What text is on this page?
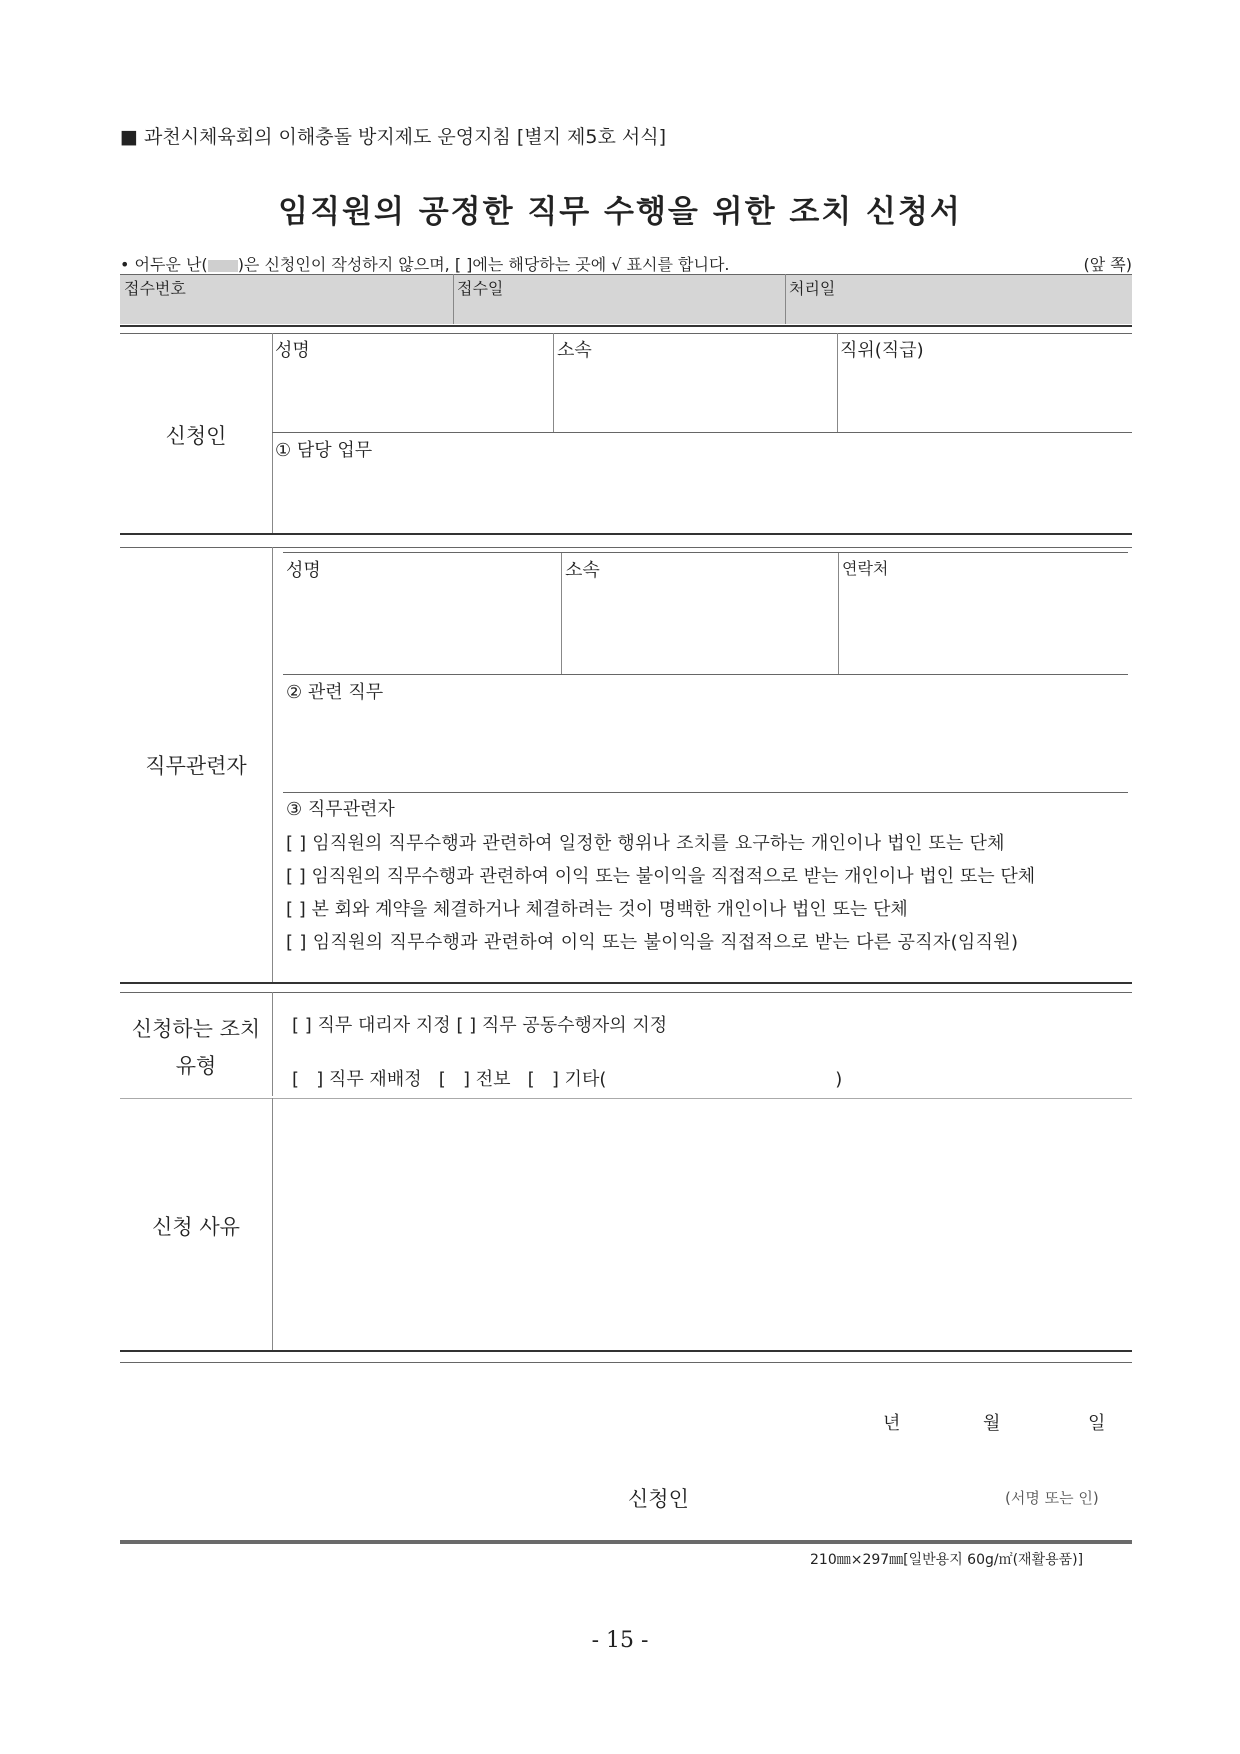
■ 과천시체육회의 이해충돌 방지제도 운영지침 [별지 제5호 서식]
임직원의 공정한 직무 수행을 위한 조치 신청서
• 어두운 난( )은 신청인이 작성하지 않으며, [ ]에는 해당하는 곳에 √ 표시를 합니다.	(앞 쪽)
접수번호	접수일	처리일
신청인
성명	소속	직위(직급)
① 담당 업무
직무관련자
성명	소속	연락처
② 관련 직무
③ 직무관련자
[ ] 임직원의 직무수행과 관련하여 일정한 행위나 조치를 요구하는 개인이나 법인 또는 단체
[ ] 임직원의 직무수행과 관련하여 이익 또는 불이익을 직접적으로 받는 개인이나 법인 또는 단체
[ ] 본 회와 계약을 체결하거나 체결하려는 것이 명백한 개인이나 법인 또는 단체
[ ] 임직원의 직무수행과 관련하여 이익 또는 불이익을 직접적으로 받는 다른 공직자(임직원)
신청하는 조치
유형
[ ] 직무 대리자 지정 [ ] 직무 공동수행자의 지정
[   ] 직무 재배정   [   ] 전보   [   ] 기타(                                        )
신청 사유
년	월	일
신청인	(서명 또는 인)
210㎜×297㎜[일반용지 60g/㎡(재활용품)]
- 15 -
